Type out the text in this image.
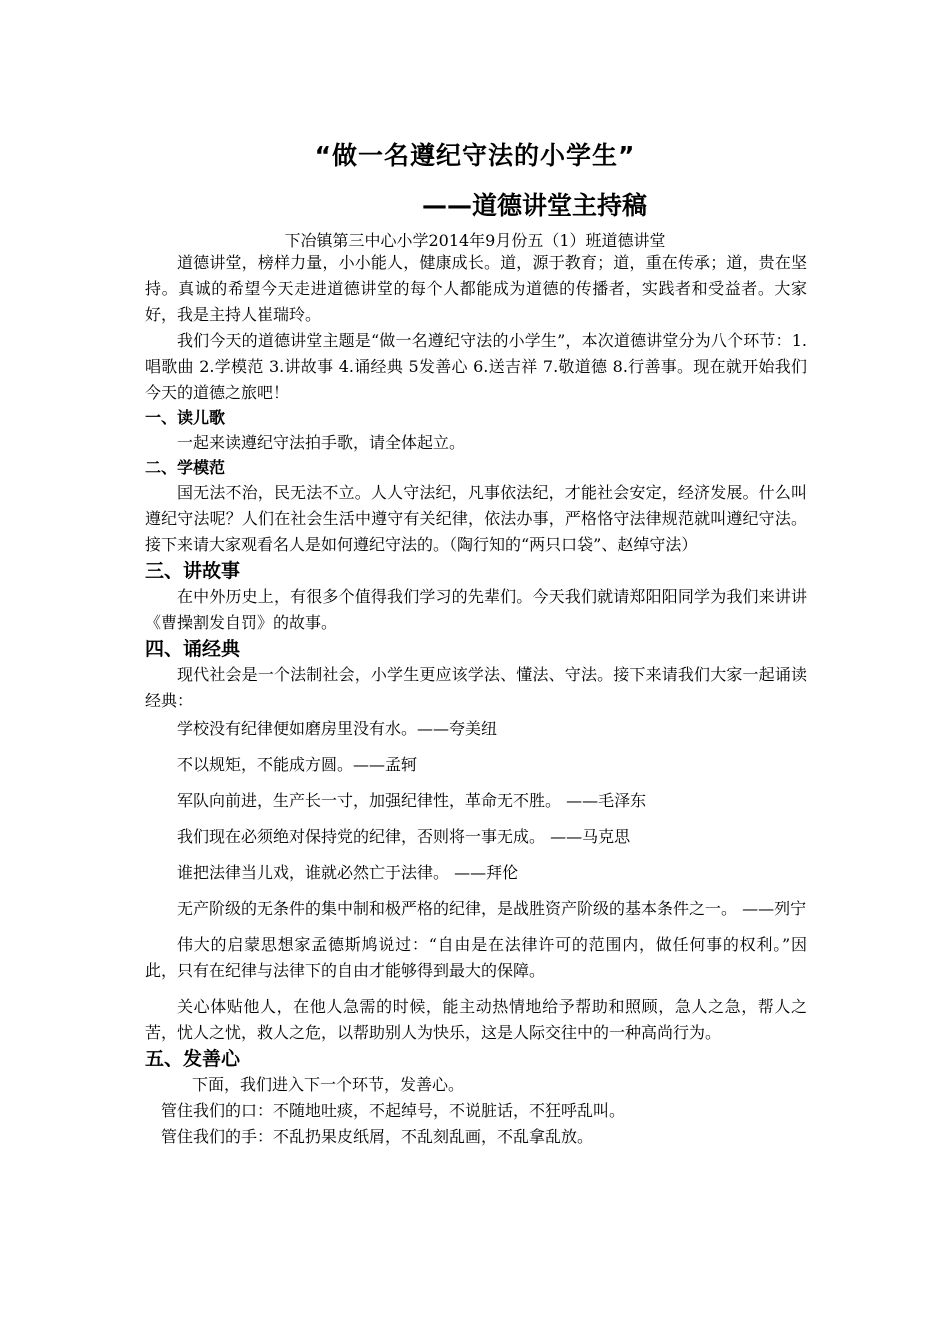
“做一名遵纪守法的小学生”
——道德讲堂主持稿
下冶镇第三中心小学2014年9月份五（1）班道德讲堂

道德讲堂，榜样力量，小小能人，健康成长。道，源于教育；道，重在传承；道，贵在坚持。真诚的希望今天走进道德讲堂的每个人都能成为道德的传播者，实践者和受益者。大家好，我是主持人崔瑞玲。

我们今天的道德讲堂主题是“做一名遵纪守法的小学生”，本次道德讲堂分为八个环节：1.唱歌曲 2.学模范 3.讲故事 4.诵经典 5发善心 6.送吉祥 7.敬道德 8.行善事。现在就开始我们今天的道德之旅吧！

一、读儿歌

一起来读遵纪守法拍手歌，请全体起立。

二、学模范

国无法不治，民无法不立。人人守法纪，凡事依法纪，才能社会安定，经济发展。什么叫遵纪守法呢？人们在社会生活中遵守有关纪律，依法办事，严格恪守法律规范就叫遵纪守法。接下来请大家观看名人是如何遵纪守法的。（陶行知的“两只口袋”、赵绰守法）

三、讲故事

在中外历史上，有很多个值得我们学习的先辈们。今天我们就请郑阳阳同学为我们来讲讲《曹操割发自罚》的故事。

四、诵经典

现代社会是一个法制社会，小学生更应该学法、懂法、守法。接下来请我们大家一起诵读经典：

学校没有纪律便如磨房里没有水。——夸美纽

不以规矩，不能成方圆。——孟轲

军队向前进，生产长一寸，加强纪律性，革命无不胜。 ——毛泽东

我们现在必须绝对保持党的纪律，否则将一事无成。 ——马克思

谁把法律当儿戏，谁就必然亡于法律。 ——拜伦

无产阶级的无条件的集中制和极严格的纪律，是战胜资产阶级的基本条件之一。 ——列宁

伟大的启蒙思想家孟德斯鸠说过：“自由是在法律许可的范围内，做任何事的权利。”因此，只有在纪律与法律下的自由才能够得到最大的保障。

关心体贴他人，在他人急需的时候，能主动热情地给予帮助和照顾，急人之急，帮人之苦，忧人之忧，救人之危，以帮助别人为快乐，这是人际交往中的一种高尚行为。

五、发善心

下面，我们进入下一个环节，发善心。

管住我们的口：不随地吐痰，不起绰号，不说脏话，不狂呼乱叫。

管住我们的手：不乱扔果皮纸屑，不乱刻乱画，不乱拿乱放。
